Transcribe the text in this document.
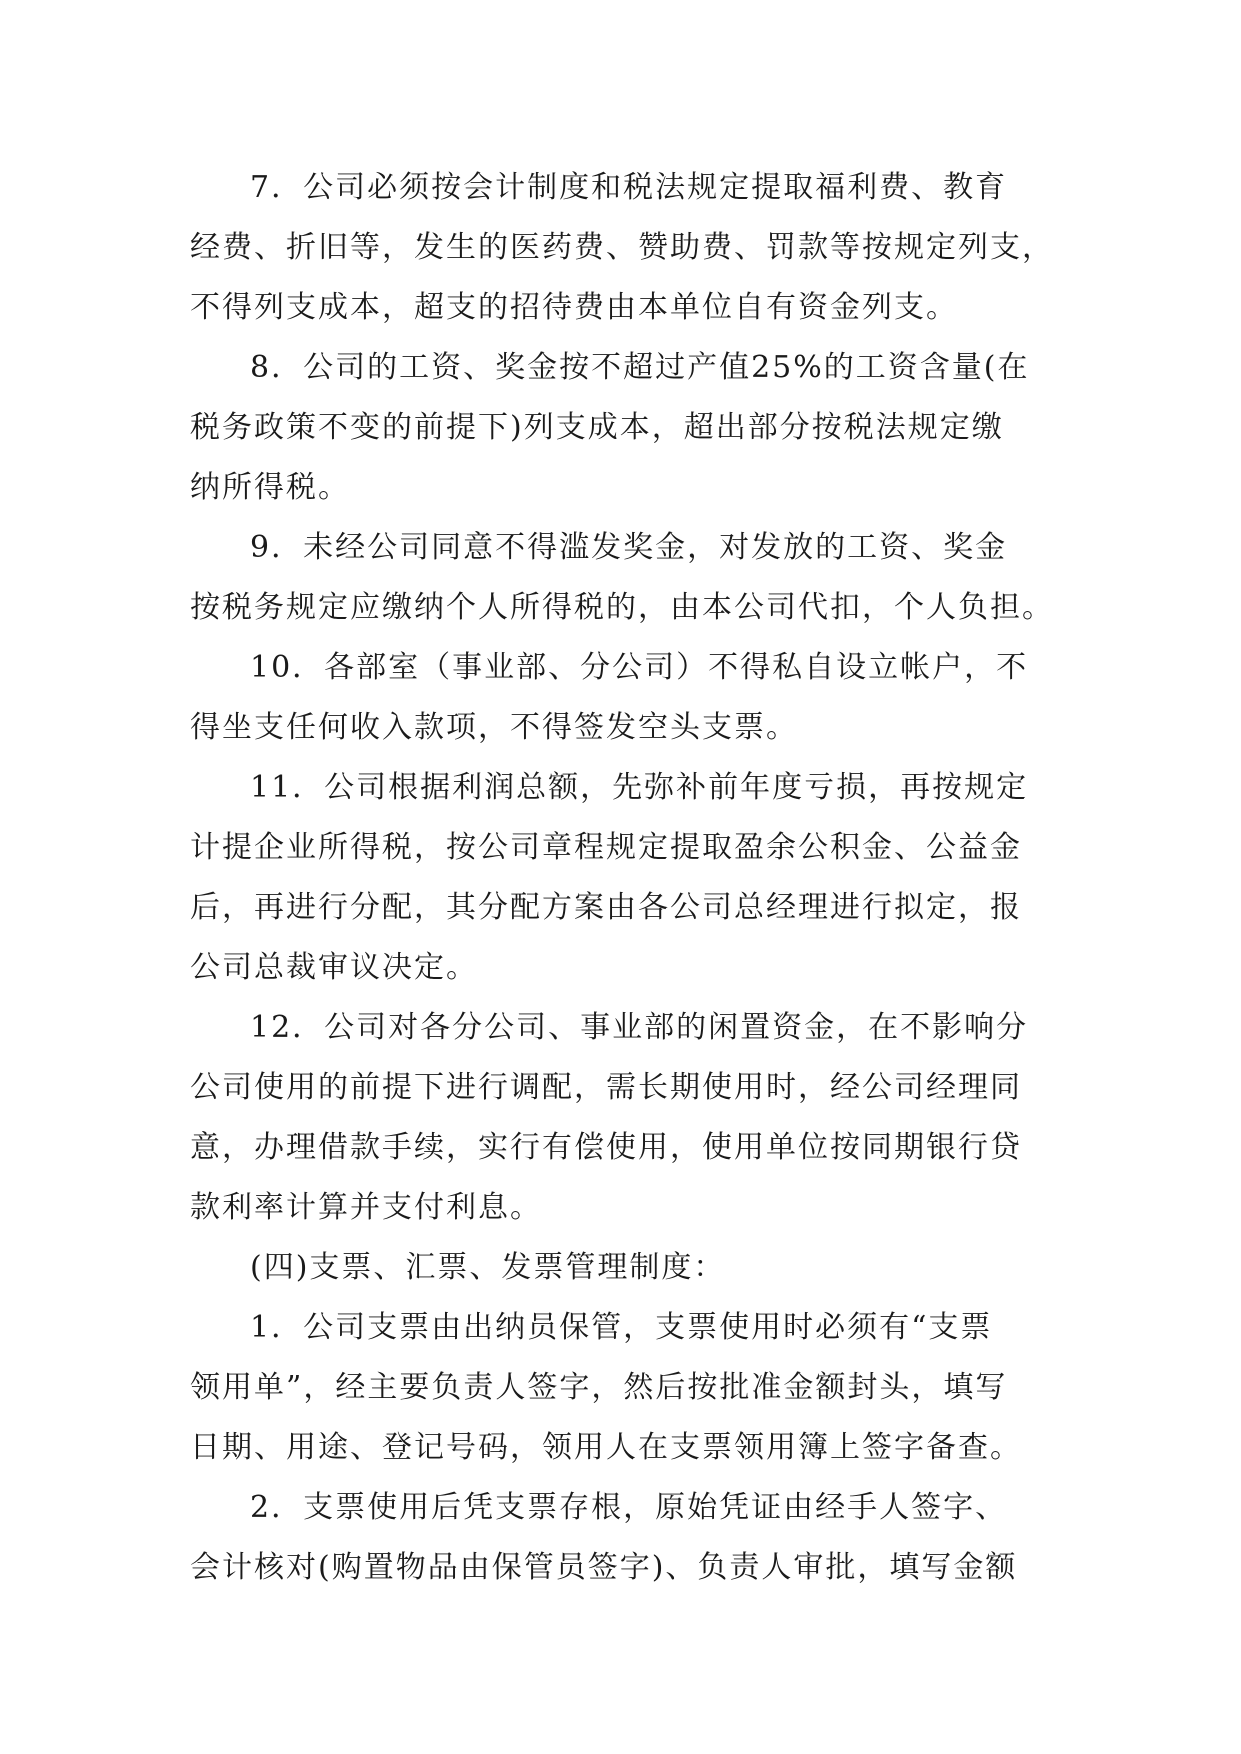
7．公司必须按会计制度和税法规定提取福利费、教育
经费、折旧等，发生的医药费、赞助费、罚款等按规定列支，
不得列支成本，超支的招待费由本单位自有资金列支。
8．公司的工资、奖金按不超过产值25%的工资含量(在
税务政策不变的前提下)列支成本，超出部分按税法规定缴
纳所得税。
9．未经公司同意不得滥发奖金，对发放的工资、奖金
按税务规定应缴纳个人所得税的，由本公司代扣，个人负担。
10．各部室（事业部、分公司）不得私自设立帐户，不
得坐支任何收入款项，不得签发空头支票。
11．公司根据利润总额，先弥补前年度亏损，再按规定
计提企业所得税，按公司章程规定提取盈余公积金、公益金
后，再进行分配，其分配方案由各公司总经理进行拟定，报
公司总裁审议决定。
12．公司对各分公司、事业部的闲置资金，在不影响分
公司使用的前提下进行调配，需长期使用时，经公司经理同
意，办理借款手续，实行有偿使用，使用单位按同期银行贷
款利率计算并支付利息。
(四)支票、汇票、发票管理制度：
1．公司支票由出纳员保管，支票使用时必须有“支票
领用单”，经主要负责人签字，然后按批准金额封头，填写
日期、用途、登记号码，领用人在支票领用簿上签字备查。
2．支票使用后凭支票存根，原始凭证由经手人签字、
会计核对(购置物品由保管员签字)、负责人审批，填写金额
